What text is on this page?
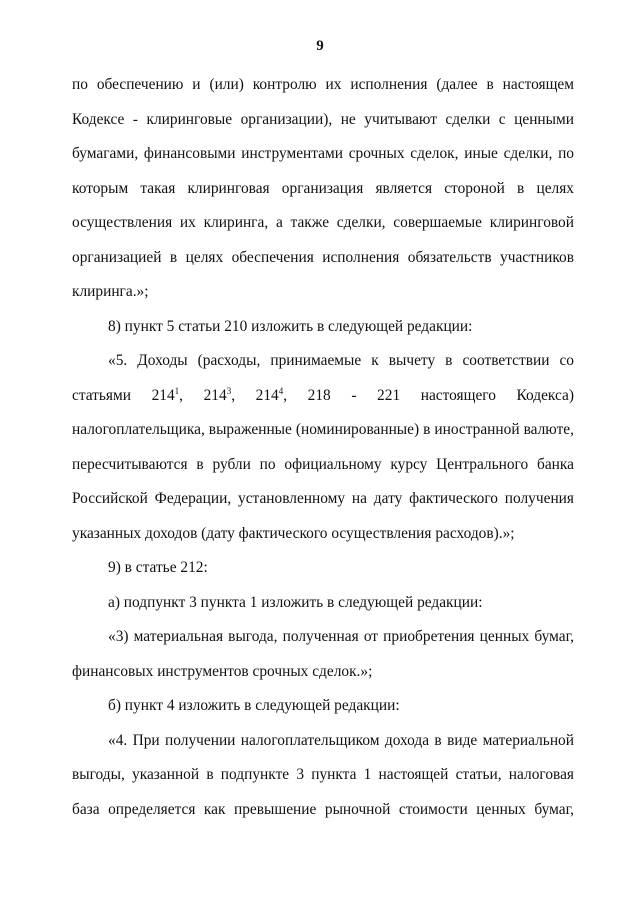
9

по обеспечению и (или) контролю их исполнения (далее в настоящем Кодексе - клиринговые организации), не учитывают сделки с ценными бумагами, финансовыми инструментами срочных сделок, иные сделки, по которым такая клиринговая организация является стороной в целях осуществления их клиринга, а также сделки, совершаемые клиринговой организацией в целях обеспечения исполнения обязательств участников клиринга.»;

8) пункт 5 статьи 210 изложить в следующей редакции:

«5. Доходы (расходы, принимаемые к вычету в соответствии со статьями $214^1$, $214^3$, $214^4$, 218 - 221 настоящего Кодекса) налогоплательщика, выраженные (номинированные) в иностранной валюте, пересчитываются в рубли по официальному курсу Центрального банка Российской Федерации, установленному на дату фактического получения указанных доходов (дату фактического осуществления расходов).»;

9) в статье 212:

а) подпункт 3 пункта 1 изложить в следующей редакции:

«3) материальная выгода, полученная от приобретения ценных бумаг, финансовых инструментов срочных сделок.»;

б) пункт 4 изложить в следующей редакции:

«4. При получении налогоплательщиком дохода в виде материальной выгоды, указанной в подпункте 3 пункта 1 настоящей статьи, налоговая база определяется как превышение рыночной стоимости ценных бумаг,
